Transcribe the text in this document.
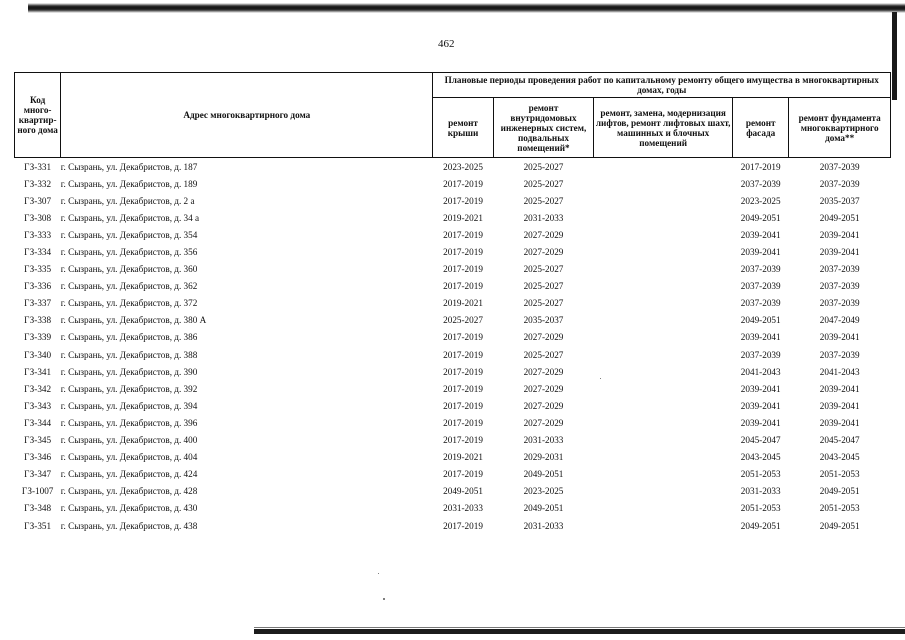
462
Код много-квартир-ного дома	Адрес многоквартирного дома	Плановые периоды проведения работ по капитальному ремонту общего имущества в многоквартирных домах, годы				
		ремонт крыши	ремонт внутридомовых инженерных систем, подвальных помещений*	ремонт, замена, модернизация лифтов, ремонт лифтовых шахт, машинных и блочных помещений	ремонт фасада	ремонт фундамента многоквартирного дома**
ГЗ-331	г. Сызрань, ул. Декабристов, д. 187	2023-2025	2025-2027		2017-2019	2037-2039
ГЗ-332	г. Сызрань, ул. Декабристов, д. 189	2017-2019	2025-2027		2037-2039	2037-2039
ГЗ-307	г. Сызрань, ул. Декабристов, д. 2 а	2017-2019	2025-2027		2023-2025	2035-2037
ГЗ-308	г. Сызрань, ул. Декабристов, д. 34 а	2019-2021	2031-2033		2049-2051	2049-2051
ГЗ-333	г. Сызрань, ул. Декабристов, д. 354	2017-2019	2027-2029		2039-2041	2039-2041
ГЗ-334	г. Сызрань, ул. Декабристов, д. 356	2017-2019	2027-2029		2039-2041	2039-2041
ГЗ-335	г. Сызрань, ул. Декабристов, д. 360	2017-2019	2025-2027		2037-2039	2037-2039
ГЗ-336	г. Сызрань, ул. Декабристов, д. 362	2017-2019	2025-2027		2037-2039	2037-2039
ГЗ-337	г. Сызрань, ул. Декабристов, д. 372	2019-2021	2025-2027		2037-2039	2037-2039
ГЗ-338	г. Сызрань, ул. Декабристов, д. 380 А	2025-2027	2035-2037		2049-2051	2047-2049
ГЗ-339	г. Сызрань, ул. Декабристов, д. 386	2017-2019	2027-2029		2039-2041	2039-2041
ГЗ-340	г. Сызрань, ул. Декабристов, д. 388	2017-2019	2025-2027		2037-2039	2037-2039
ГЗ-341	г. Сызрань, ул. Декабристов, д. 390	2017-2019	2027-2029		2041-2043	2041-2043
ГЗ-342	г. Сызрань, ул. Декабристов, д. 392	2017-2019	2027-2029		2039-2041	2039-2041
ГЗ-343	г. Сызрань, ул. Декабристов, д. 394	2017-2019	2027-2029		2039-2041	2039-2041
ГЗ-344	г. Сызрань, ул. Декабристов, д. 396	2017-2019	2027-2029		2039-2041	2039-2041
ГЗ-345	г. Сызрань, ул. Декабристов, д. 400	2017-2019	2031-2033		2045-2047	2045-2047
ГЗ-346	г. Сызрань, ул. Декабристов, д. 404	2019-2021	2029-2031		2043-2045	2043-2045
ГЗ-347	г. Сызрань, ул. Декабристов, д. 424	2017-2019	2049-2051		2051-2053	2051-2053
ГЗ-1007	г. Сызрань, ул. Декабристов, д. 428	2049-2051	2023-2025		2031-2033	2049-2051
ГЗ-348	г. Сызрань, ул. Декабристов, д. 430	2031-2033	2049-2051		2051-2053	2051-2053
ГЗ-351	г. Сызрань, ул. Декабристов, д. 438	2017-2019	2031-2033		2049-2051	2049-2051
